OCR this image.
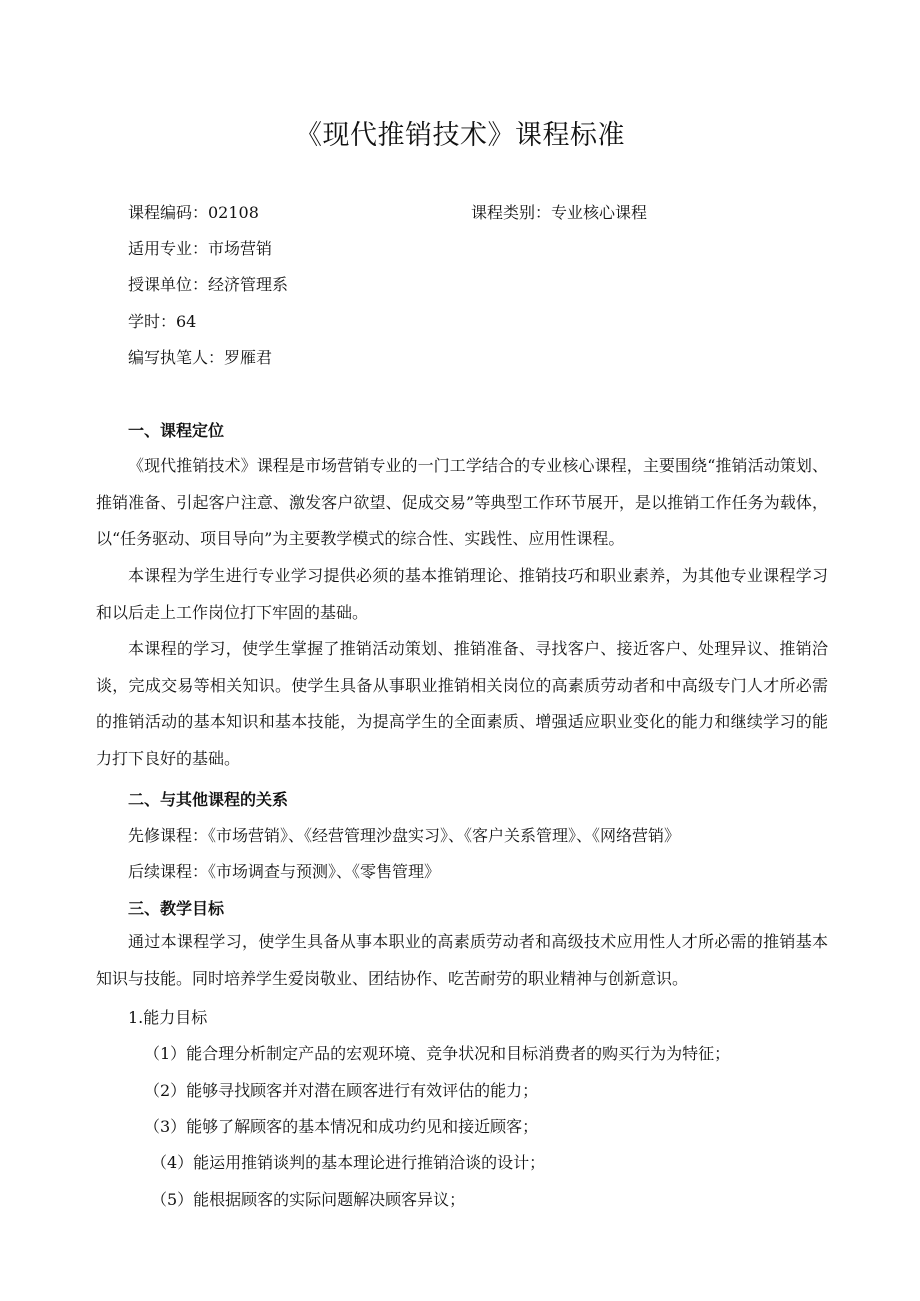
《现代推销技术》课程标准
课程编码：02108	课程类别：专业核心课程
适用专业：市场营销
授课单位：经济管理系
学时：64
编写执笔人：罗雁君
一、课程定位

《现代推销技术》课程是市场营销专业的一门工学结合的专业核心课程，主要围绕“推销活动策划、推销准备、引起客户注意、激发客户欲望、促成交易”等典型工作环节展开，是以推销工作任务为载体，以“任务驱动、项目导向”为主要教学模式的综合性、实践性、应用性课程。

本课程为学生进行专业学习提供必须的基本推销理论、推销技巧和职业素养，为其他专业课程学习和以后走上工作岗位打下牢固的基础。

本课程的学习，使学生掌握了推销活动策划、推销准备、寻找客户、接近客户、处理异议、推销洽谈，完成交易等相关知识。使学生具备从事职业推销相关岗位的高素质劳动者和中高级专门人才所必需的推销活动的基本知识和基本技能，为提高学生的全面素质、增强适应职业变化的能力和继续学习的能力打下良好的基础。

二、与其他课程的关系
先修课程：《市场营销》、《经营管理沙盘实习》、《客户关系管理》、《网络营销》
后续课程：《市场调查与预测》、《零售管理》
三、教学目标

通过本课程学习，使学生具备从事本职业的高素质劳动者和高级技术应用性人才所必需的推销基本知识与技能。同时培养学生爱岗敬业、团结协作、吃苦耐劳的职业精神与创新意识。

1.能力目标
（1）能合理分析制定产品的宏观环境、竞争状况和目标消费者的购买行为为特征；
（2）能够寻找顾客并对潜在顾客进行有效评估的能力；
（3）能够了解顾客的基本情况和成功约见和接近顾客；
（4）能运用推销谈判的基本理论进行推销洽谈的设计；
（5）能根据顾客的实际问题解决顾客异议；
